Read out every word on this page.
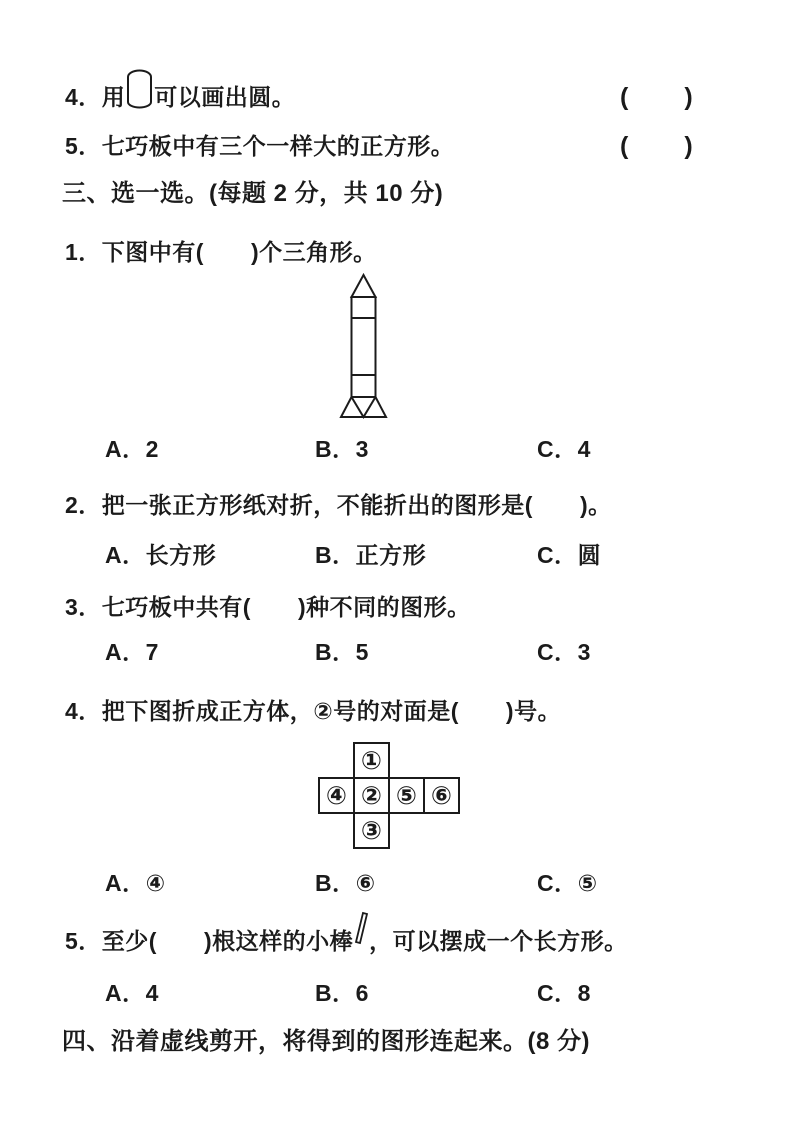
4．用 可以画出圆。	(　　)
5．七巧板中有三个一样大的正方形。	(　　)
三、选一选。(每题 2 分，共 10 分)
1．下图中有(　　)个三角形。
A．2	B．3	C．4
2．把一张正方形纸对折，不能折出的图形是(　　)。
A．长方形	B．正方形	C．圆
3．七巧板中共有(　　)种不同的图形。
A．7	B．5	C．3
4．把下图折成正方体，②号的对面是(　　)号。
①
④ ② ⑤ ⑥
③
A．④	B．⑥	C．⑤
5．至少(　　)根这样的小棒 ，可以摆成一个长方形。
A．4	B．6	C．8
四、沿着虚线剪开，将得到的图形连起来。(8 分)
